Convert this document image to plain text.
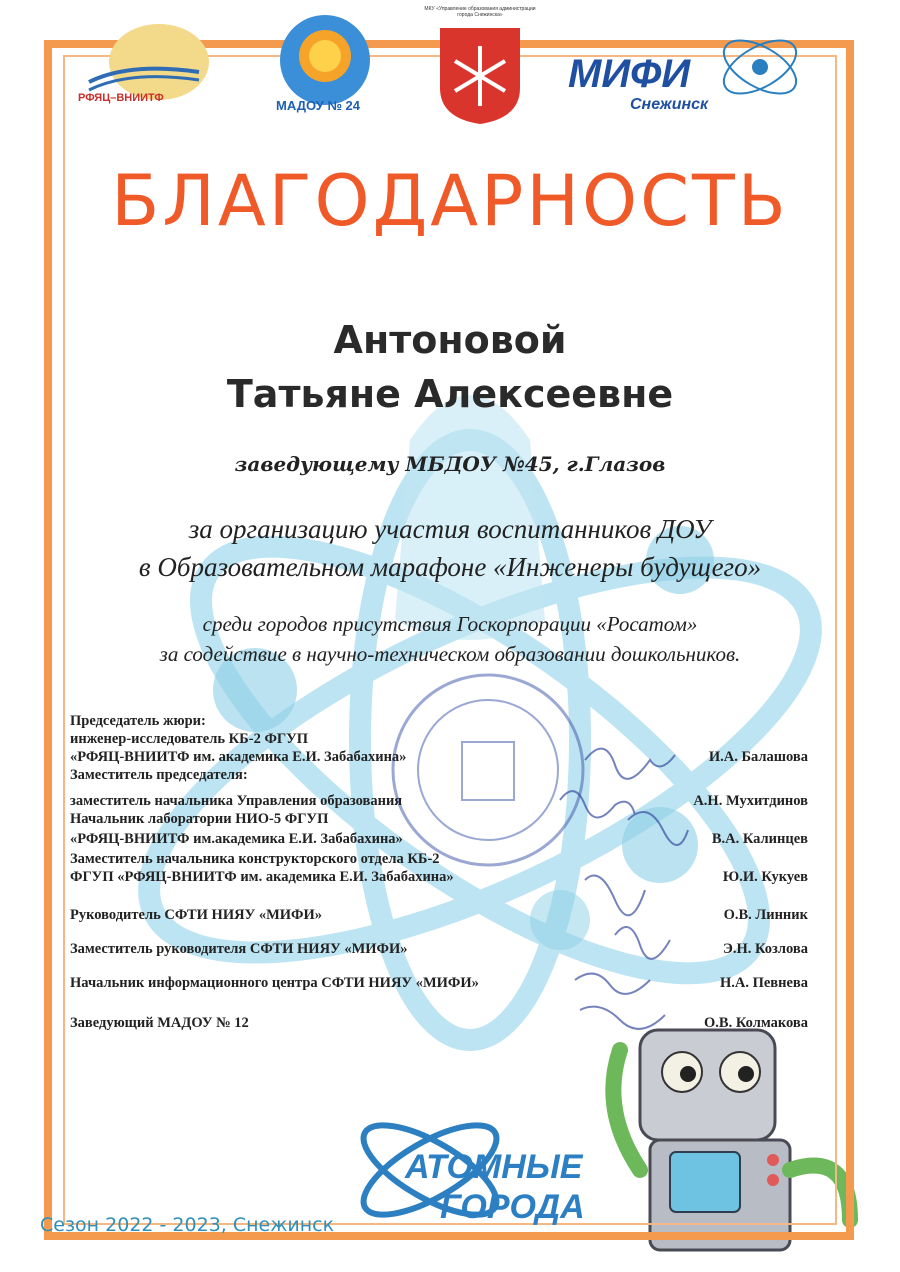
РФЯЦ–ВНИИТФ	МАДОУ № 24
МКУ «Управление образования администрации города Снежинска»
МИФИ
Снежинск
БЛАГОДАРНОСТЬ
Антоновой
Татьяне Алексеевне
заведующему МБДОУ №45, г.Глазов
за организацию участия воспитанников ДОУ
в Образовательном марафоне «Инженеры будущего»
среди городов присутствия Госкорпорации «Росатом»
за содействие в научно-техническом образовании дошкольников.
Председатель жюри:
инженер-исследователь КБ-2 ФГУП
«РФЯЦ-ВНИИТФ им. академика Е.И. Забабахина»	И.А. Балашова
Заместитель председателя:
заместитель начальника Управления образования	А.Н. Мухитдинов
Начальник лаборатории НИО-5 ФГУП
«РФЯЦ-ВНИИТФ им.академика Е.И. Забабахина»	В.А. Калинцев
Заместитель начальника конструкторского отдела КБ-2
ФГУП «РФЯЦ-ВНИИТФ им. академика Е.И. Забабахина»	Ю.И. Кукуев
Руководитель СФТИ НИЯУ «МИФИ»	О.В. Линник
Заместитель руководителя СФТИ НИЯУ «МИФИ»	Э.Н. Козлова
Начальник информационного центра СФТИ НИЯУ «МИФИ»	Н.А. Певнева
Заведующий МАДОУ № 12	О.В. Колмакова
АТОМНЫЕ
ГОРОДА
Сезон 2022 - 2023, Снежинск
